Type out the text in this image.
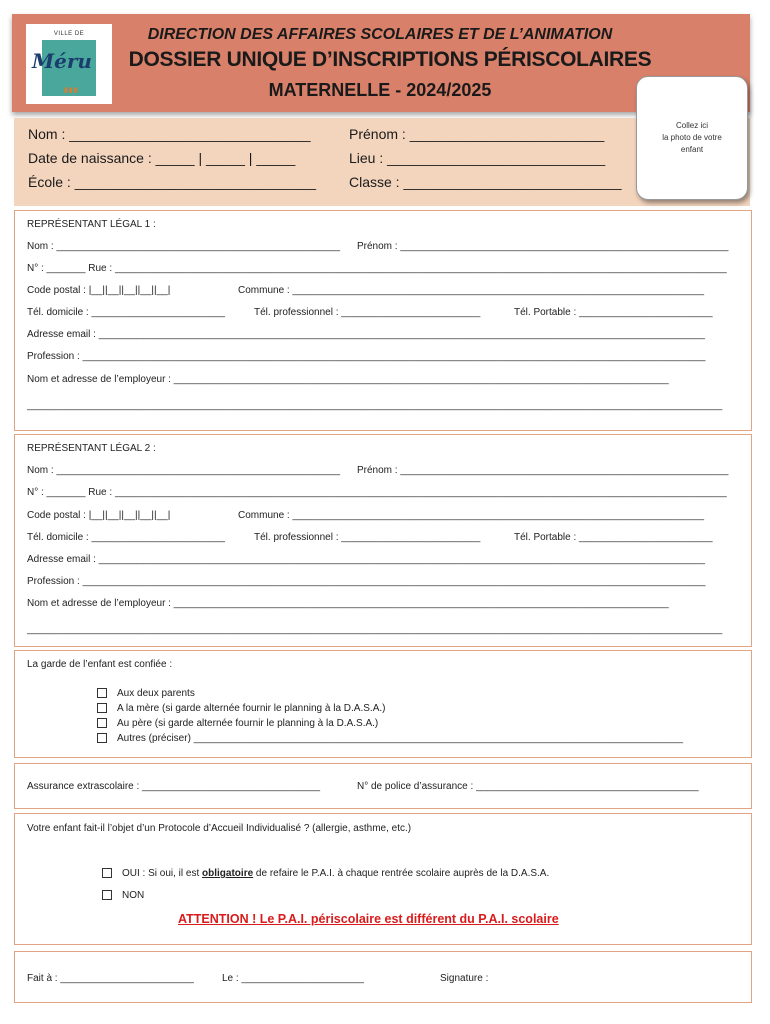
VILLE DE
Méru
▮▮▮
DIRECTION DES AFFAIRES SCOLAIRES ET DE L’ANIMATION
DOSSIER UNIQUE D’INSCRIPTIONS PÉRISCOLAIRES
MATERNELLE - 2024/2025
Nom : _______________________________	Prénom : _________________________
Date de naissance : _____ | _____ | _____	Lieu : ____________________________
École : _______________________________ Classe : ____________________________
Collez ici
la photo de votre
enfant
REPRÉSENTANT LÉGAL 1 :
Nom : ___________________________________________________ Prénom : ___________________________________________________________
N° : _______ Rue : ______________________________________________________________________________________________________________
Code postal : |__||__||__||__||__|	Commune : __________________________________________________________________________
Tél. domicile : ________________________	Tél. professionnel : _________________________	Tél. Portable : ________________________
Adresse email : _____________________________________________________________________________________________________________
Profession : ________________________________________________________________________________________________________________
Nom et adresse de l’employeur : _________________________________________________________________________________________
_____________________________________________________________________________________________________________________________
REPRÉSENTANT LÉGAL 2 :
Nom : ___________________________________________________ Prénom : ___________________________________________________________
N° : _______ Rue : ______________________________________________________________________________________________________________
Code postal : |__||__||__||__||__|	Commune : __________________________________________________________________________
Tél. domicile : ________________________	Tél. professionnel : _________________________	Tél. Portable : ________________________
Adresse email : _____________________________________________________________________________________________________________
Profession : ________________________________________________________________________________________________________________
Nom et adresse de l’employeur : _________________________________________________________________________________________
_____________________________________________________________________________________________________________________________
La garde de l’enfant est confiée :
Aux deux parents
A la mère (si garde alternée fournir le planning à la D.A.S.A.)
Au père (si garde alternée fournir le planning à la D.A.S.A.)
Autres (préciser) ________________________________________________________________________________________
Assurance extrascolaire : ________________________________	N° de police d’assurance : ________________________________________
Votre enfant fait-il l’objet d’un Protocole d’Accueil Individualisé ? (allergie, asthme, etc.)
OUI : Si oui, il est obligatoire de refaire le P.A.I. à chaque rentrée scolaire auprès de la D.A.S.A.
NON
ATTENTION ! Le P.A.I. périscolaire est différent du P.A.I. scolaire
Fait à : ________________________	Le : ______________________	Signature :
